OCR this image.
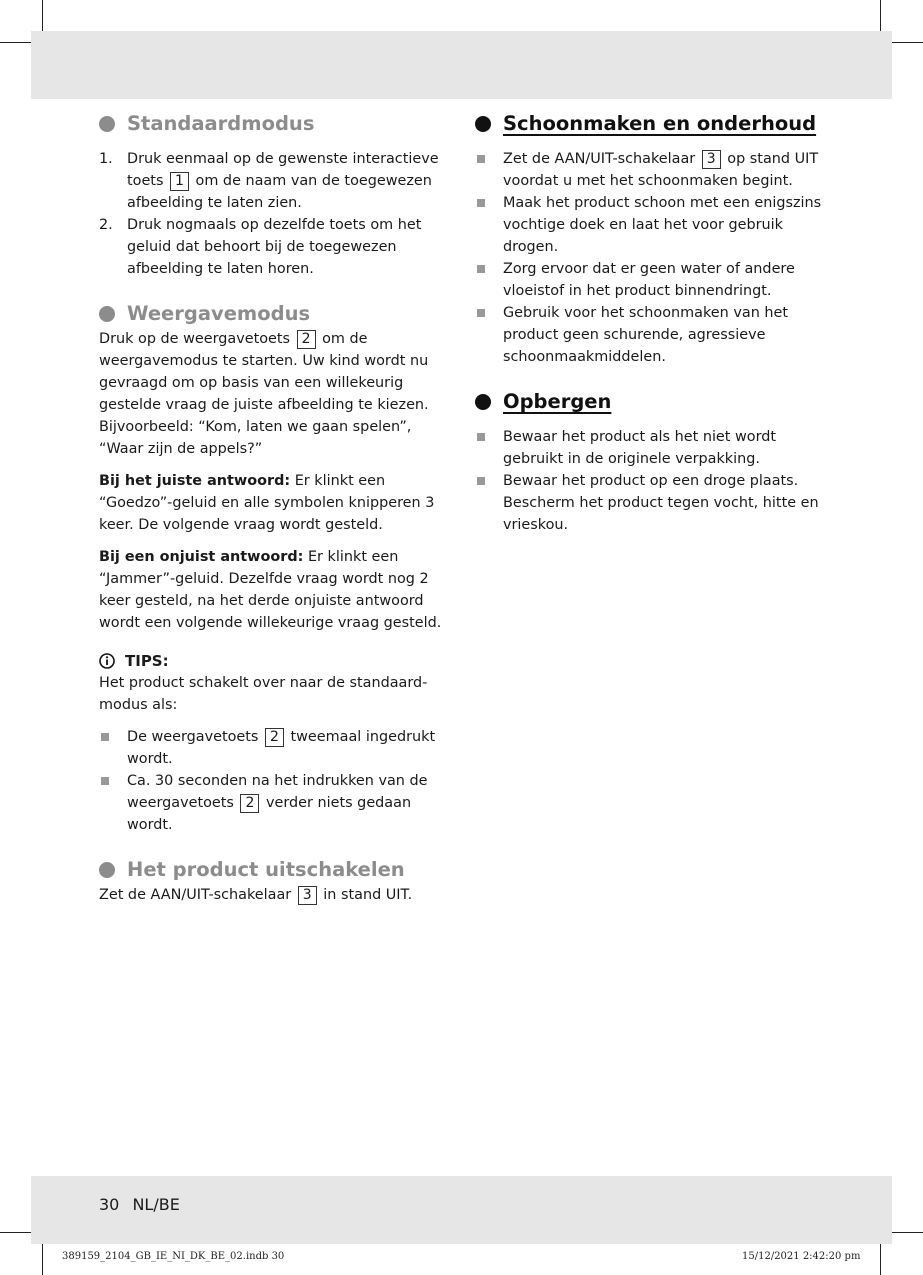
Standaardmodus
1. Druk eenmaal op de gewenste interactieve toets 1 om de naam van de toegewezen afbeelding te laten zien.
2. Druk nogmaals op dezelfde toets om het geluid dat behoort bij de toegewezen afbeelding te laten horen.
Weergavemodus

Druk op de weergavetoets 2 om de weergavemodus te starten. Uw kind wordt nu gevraagd om op basis van een willekeurig gestelde vraag de juiste afbeelding te kiezen. Bijvoorbeeld: “Kom, laten we gaan spelen”, “Waar zijn de appels?”

Bij het juiste antwoord: Er klinkt een “Goedzo”-geluid en alle symbolen knipperen 3 keer. De volgende vraag wordt gesteld.

Bij een onjuist antwoord: Er klinkt een “Jammer”-geluid. Dezelfde vraag wordt nog 2 keer gesteld, na het derde onjuiste antwoord wordt een volgende willekeurige vraag gesteld.

TIPS:

Het product schakelt over naar de standaard-modus als:

De weergavetoets 2 tweemaal ingedrukt wordt.
Ca. 30 seconden na het indrukken van de weergavetoets 2 verder niets gedaan wordt.
Het product uitschakelen

Zet de AAN/UIT-schakelaar 3 in stand UIT.

Schoonmaken en onderhoud
Zet de AAN/UIT-schakelaar 3 op stand UIT voordat u met het schoonmaken begint.
Maak het product schoon met een enigszins vochtige doek en laat het voor gebruik drogen.
Zorg ervoor dat er geen water of andere vloeistof in het product binnendringt.
Gebruik voor het schoonmaken van het product geen schurende, agressieve schoonmaakmiddelen.
Opbergen
Bewaar het product als het niet wordt gebruikt in de originele verpakking.
Bewaar het product op een droge plaats. Bescherm het product tegen vocht, hitte en vrieskou.
30 NL/BE
389159_2104_GB_IE_NI_DK_BE_02.indb 30	15/12/2021 2:42:20 pm
